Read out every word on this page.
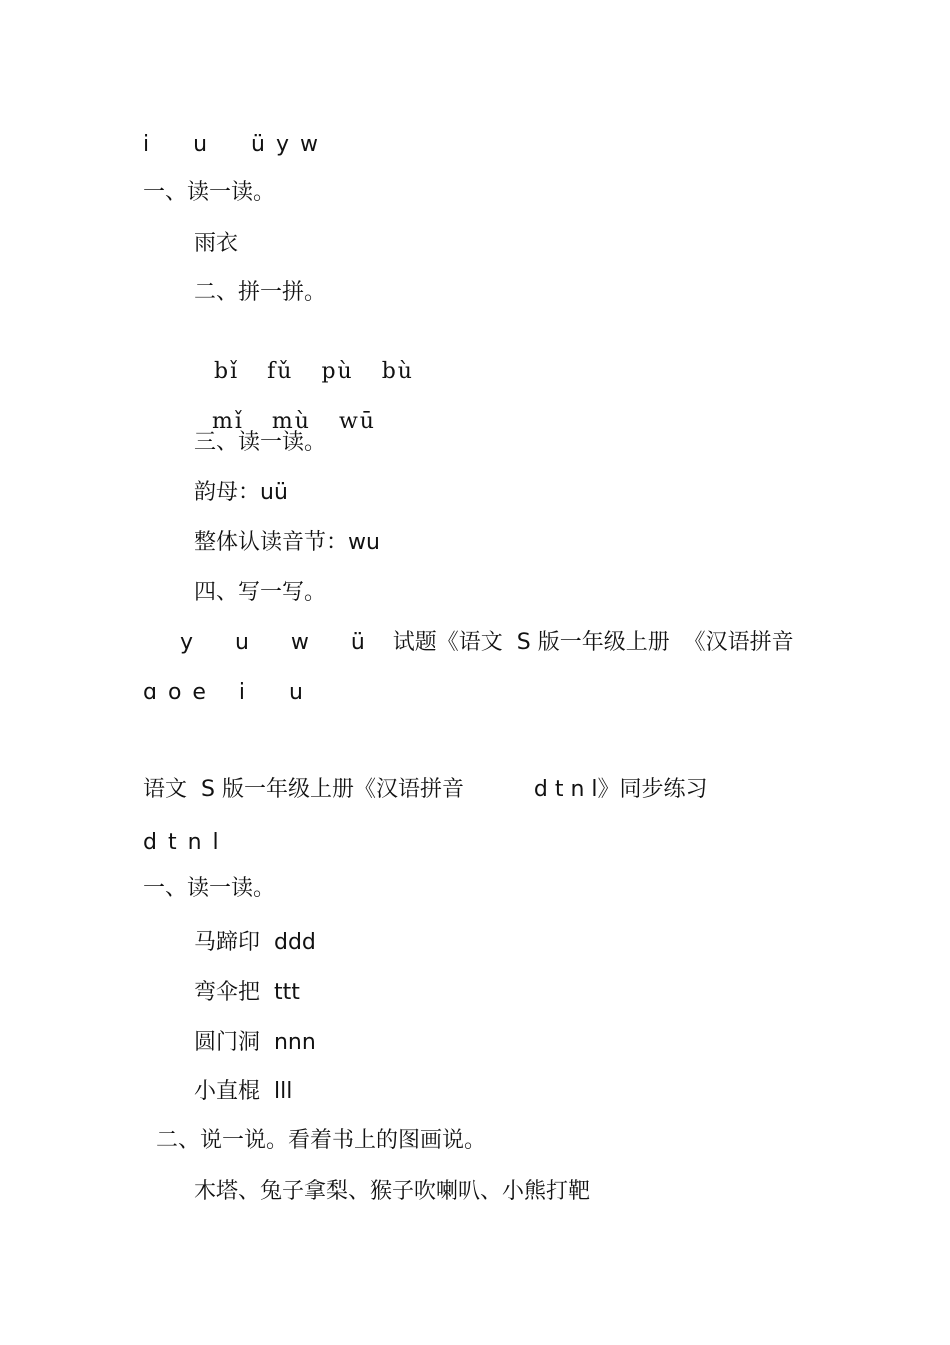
i    u    ü y w

一、读一读。

雨衣

二、拼一拼。

bǐ fǔ pù bù

mǐ mù wū

三、读一读。

韵母：uü

整体认读音节：wu

四、写一写。

y      u      w      ü    试题《语文  S 版一年级上册  《汉语拼音

ɑ o e   i    u

语文  S 版一年级上册《汉语拼音          d t n l》同步练习

d t n l

一、读一读。

马蹄印  ddd

弯伞把  ttt

圆门洞  nnn

小直棍  lll

二、说一说。看着书上的图画说。

木塔、兔子拿梨、猴子吹喇叭、小熊打靶
